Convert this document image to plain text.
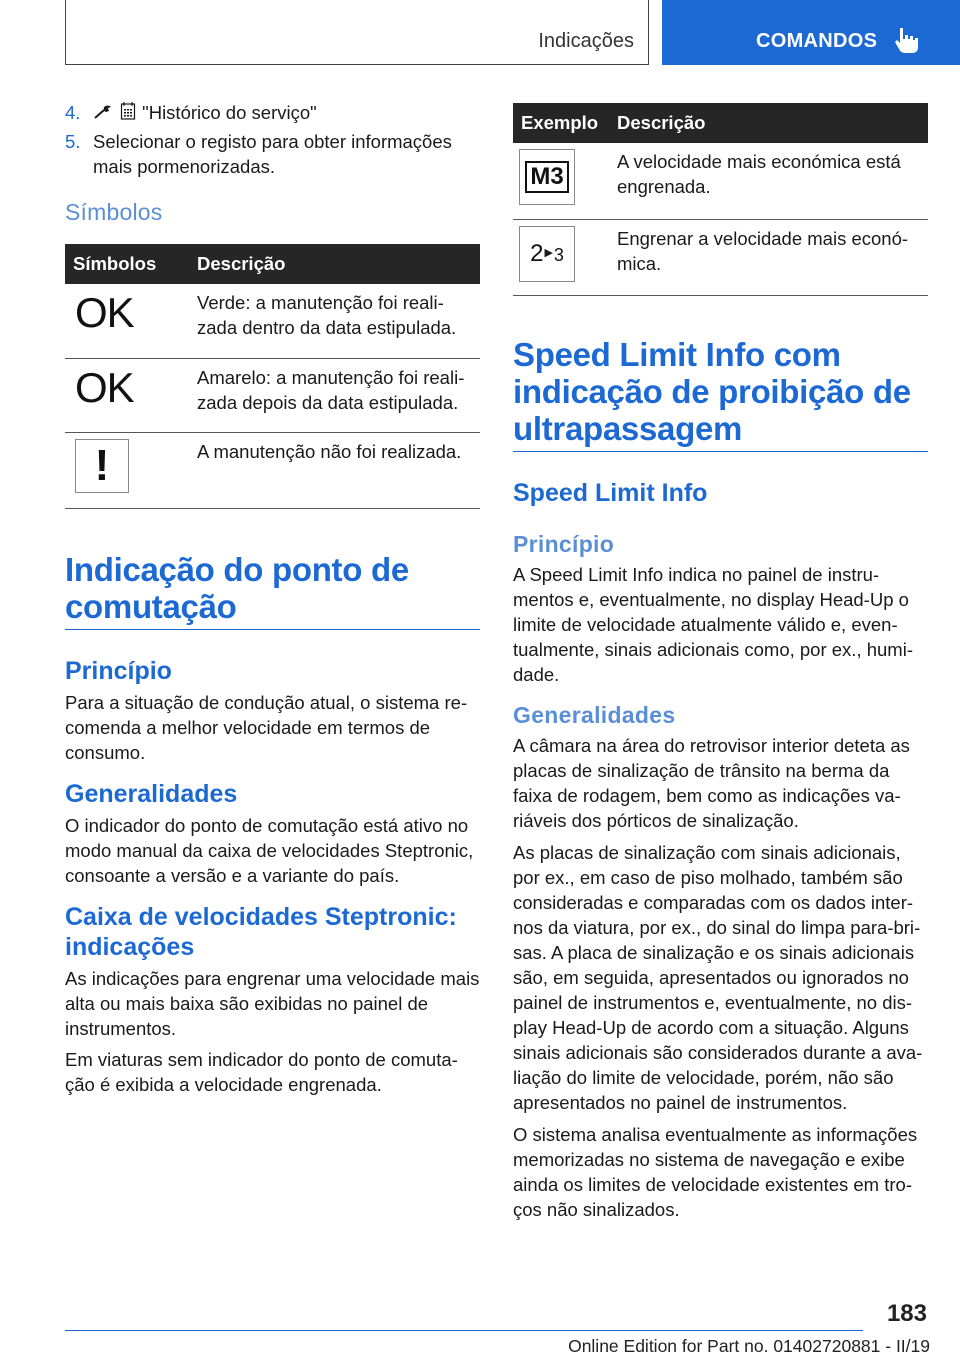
Indicações	COMANDOS
4.	"Histórico do serviço"
5. Selecionar o registo para obter informações mais pormenorizadas.
Símbolos
Símbolos	Descrição

OK	Verde: a manutenção foi realizada dentro da data estipulada.

OK	Amarelo: a manutenção foi realizada depois da data estipulada.

!	A manutenção não foi realizada.
Indicação do ponto de comutação
Princípio

Para a situação de condução atual, o sistema recomenda a melhor velocidade em termos de consumo.

Generalidades

O indicador do ponto de comutação está ativo no modo manual da caixa de velocidades Steptronic, consoante a versão e a variante do país.

Caixa de velocidades Steptronic: indicações

As indicações para engrenar uma velocidade mais alta ou mais baixa são exibidas no painel de instrumentos.

Em viaturas sem indicador do ponto de comutação é exibida a velocidade engrenada.

Exemplo	Descrição

M3	A velocidade mais económica está engrenada.

2 ▶ 3	Engrenar a velocidade mais económica.
Speed Limit Info com indicação de proibição de ultrapassagem
Speed Limit Info
Princípio

A Speed Limit Info indica no painel de instrumentos e, eventualmente, no display Head-Up o limite de velocidade atualmente válido e, eventualmente, sinais adicionais como, por ex., humidade.

Generalidades

A câmara na área do retrovisor interior deteta as placas de sinalização de trânsito na berma da faixa de rodagem, bem como as indicações variáveis dos pórticos de sinalização.

As placas de sinalização com sinais adicionais, por ex., em caso de piso molhado, também são consideradas e comparadas com os dados internos da viatura, por ex., do sinal do limpa para-brisas. A placa de sinalização e os sinais adicionais são, em seguida, apresentados ou ignorados no painel de instrumentos e, eventualmente, no display Head-Up de acordo com a situação. Alguns sinais adicionais são considerados durante a avaliação do limite de velocidade, porém, não são apresentados no painel de instrumentos.

O sistema analisa eventualmente as informações memorizadas no sistema de navegação e exibe ainda os limites de velocidade existentes em troços não sinalizados.

183
Online Edition for Part no. 01402720881 - II/19
